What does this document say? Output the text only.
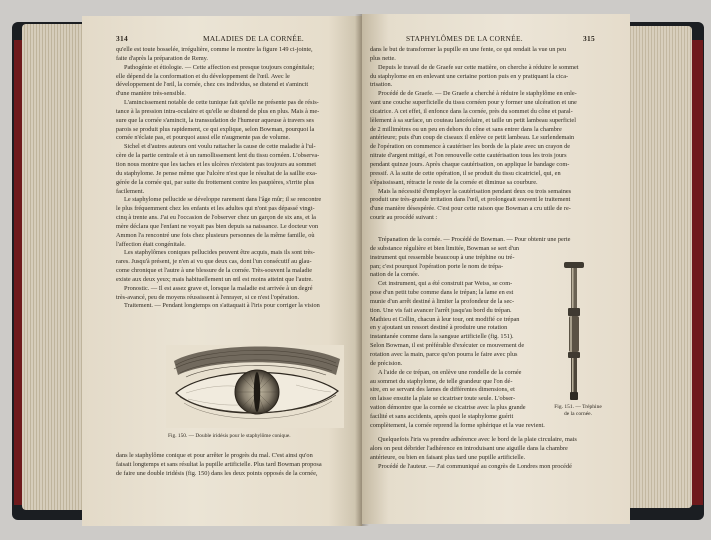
314	MALADIES DE LA CORNÉE.

qu'elle est toute bosselée, irrégulière, comme le montre la figure 149 ci-jointe,

faite d'après la préparation de Remy.

Pathogénie et étiologie. — Cette affection est presque toujours congénitale;

elle dépend de la conformation et du développement de l'œil. Avec le

développement de l'œil, la cornée, chez ces individus, se distend et s'amincit

d'une manière très-sensible.

L'amincissement notable de cette tunique fait qu'elle ne présente pas de résis-

tance à la pression intra-oculaire et qu'elle se distend de plus en plus. Mais à me-

sure que la cornée s'amincit, la transsudation de l'humeur aqueuse à travers ses

parois se produit plus rapidement, ce qui explique, selon Bowman, pourquoi la

cornée n'éclate pas, et pourquoi aussi elle n'augmente pas de volume.

Sichel et d'autres auteurs ont voulu rattacher la cause de cette maladie à l'ul-

cère de la partie centrale et à un ramollissement lent du tissu cornéen. L'observa-

tion nous montre que les taches et les ulcères n'existent pas toujours au sommet

du staphylome. Je pense même que l'ulcère n'est que le résultat de la saillie exa-

gérée de la cornée qui, par suite du frottement contre les paupières, s'irrite plus

facilement.

Le staphylome pellucide se développe rarement dans l'âge mûr; il se rencontre

le plus fréquemment chez les enfants et les adultes qui n'ont pas dépassé vingt-

cinq à trente ans. J'ai eu l'occasion de l'observer chez un garçon de six ans, et la

mère déclara que l'enfant ne voyait pas bien depuis sa naissance. Le docteur von

Ammon l'a rencontré une fois chez plusieurs personnes de la même famille, où

l'affection était congénitale.

Les staphylômes coniques pellucides peuvent être acquis, mais ils sont très-

rares. Jusqu'à présent, je n'en ai vu que deux cas, dont l'un consécutif au glau-

come chronique et l'autre à une blessure de la cornée. Très-souvent la maladie

existe aux deux yeux; mais habituellement un œil est moins atteint que l'autre.

Pronostic. — Il est assez grave et, lorsque la maladie est arrivée à un degré

très-avancé, peu de moyens réussissent à l'enrayer, si ce n'est l'opération.

Traitement. — Pendant longtemps on s'attaquait à l'iris pour corriger la vision

Fig. 150. — Double iridésis pour le staphylôme conique.

dans le staphylôme conique et pour arrêter le progrès du mal. C'est ainsi qu'on

faisait longtemps et sans résultat la pupille artificielle. Plus tard Bowman proposa

de faire une double iridésis (fig. 150) dans les deux points opposés de la cornée,

STAPHYLÔMES DE LA CORNÉE.	315

dans le but de transformer la pupille en une fente, ce qui rendait la vue un peu

plus nette.

Depuis le travail de de Graefe sur cette matière, on cherche à réduire le sommet

du staphylome en en enlevant une certaine portion puis en y pratiquant la cica-

trisation.

Procédé de de Graefe. — De Graefe a cherché à réduire le staphylôme en enle-

vant une couche superficielle du tissu cornéen pour y former une ulcération et une

cicatrice. A cet effet, il enfonce dans la cornée, près du sommet du cône et paral-

lèlement à sa surface, un couteau lancéolaire, et taille un petit lambeau superficiel

de 2 millimètres ou un peu en dehors du cône et sans entrer dans la chambre

antérieure; puis d'un coup de ciseaux il enlève ce petit lambeau. Le surlendemain

de l'opération on commence à cautériser les bords de la plaie avec un crayon de

nitrate d'argent mitigé, et l'on renouvelle cette cautérisation tous les trois jours

pendant quinze jours. Après chaque cautérisation, on applique le bandage com-

pressif. A la suite de cette opération, il se produit du tissu cicatriciel, qui, en

s'épaississant, rétracte le reste de la cornée et diminue sa courbure.

Mais la nécessité d'employer la cautérisation pendant deux ou trois semaines

produit une très-grande irritation dans l'œil, et prolongeait souvent le traitement

d'une manière désespérée. C'est pour cette raison que Bowman a cru utile de re-

courir au procédé suivant :

Trépanation de la cornée. — Procédé de Bowman. — Pour obtenir une perte

de substance régulière et bien limitée, Bowman se sert d'un

instrument qui ressemble beaucoup à une tréphine ou tré-

pan; c'est pourquoi l'opération porte le nom de trépa-

nation de la cornée.

Cet instrument, qui a été construit par Weiss, se com-

pose d'un petit tube comme dans le trépan; la lame en est

munie d'un arrêt destiné à limiter la profondeur de la sec-

tion. Une vis fait avancer l'arrêt jusqu'au bord du trépan.

Mathieu et Collin, chacun à leur tour, ont modifié ce trépan

en y ajoutant un ressort destiné à produire une rotation

instantanée comme dans la sangsue artificielle (fig. 151).

Selon Bowman, il est préférable d'exécuter ce mouvement de

rotation avec la main, parce qu'on pourra le faire avec plus

de précision.

A l'aide de ce trépan, on enlève une rondelle de la cornée

au sommet du staphylome, de telle grandeur que l'on dé-

sire, en se servant des lames de différentes dimensions, et

on laisse ensuite la plaie se cicatriser toute seule. L'obser-

vation démontre que la cornée se cicatrise avec la plus grande

facilité et sans accidents, après quoi le staphylome guérit

complètement, la cornée reprend la forme sphérique et la vue revient.

Fig. 151. — Tréphine
de la cornée.

Quelquefois l'iris va prendre adhérence avec le bord de la plaie circulaire, mais

alors on peut débrider l'adhérence en introduisant une aiguille dans la chambre

antérieure, ou bien en faisant plus tard une pupille artificielle.

Procédé de l'auteur. — J'ai communiqué au congrès de Londres mon procédé
